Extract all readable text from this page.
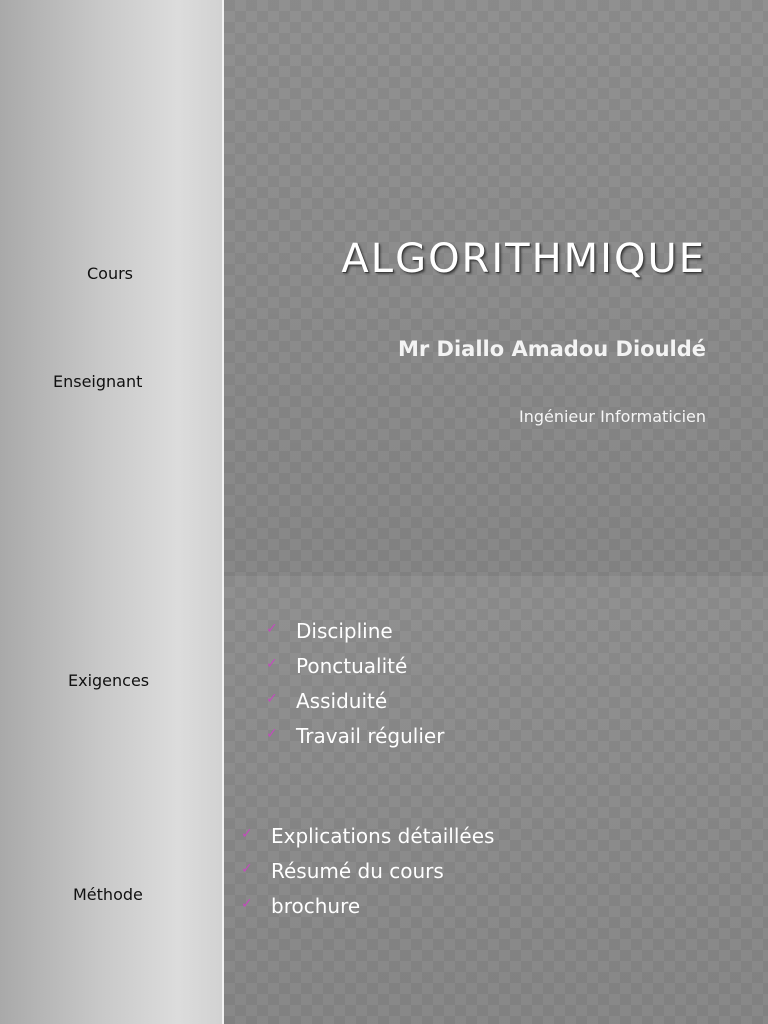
Cours
Enseignant
ALGORITHMIQUE
Mr Diallo Amadou Diouldé
Ingénieur Informaticien
Exigences
Méthode
✓ Discipline
✓ Ponctualité
✓ Assiduité
✓ Travail régulier
✓ Explications détaillées
✓ Résumé du cours
✓ brochure
